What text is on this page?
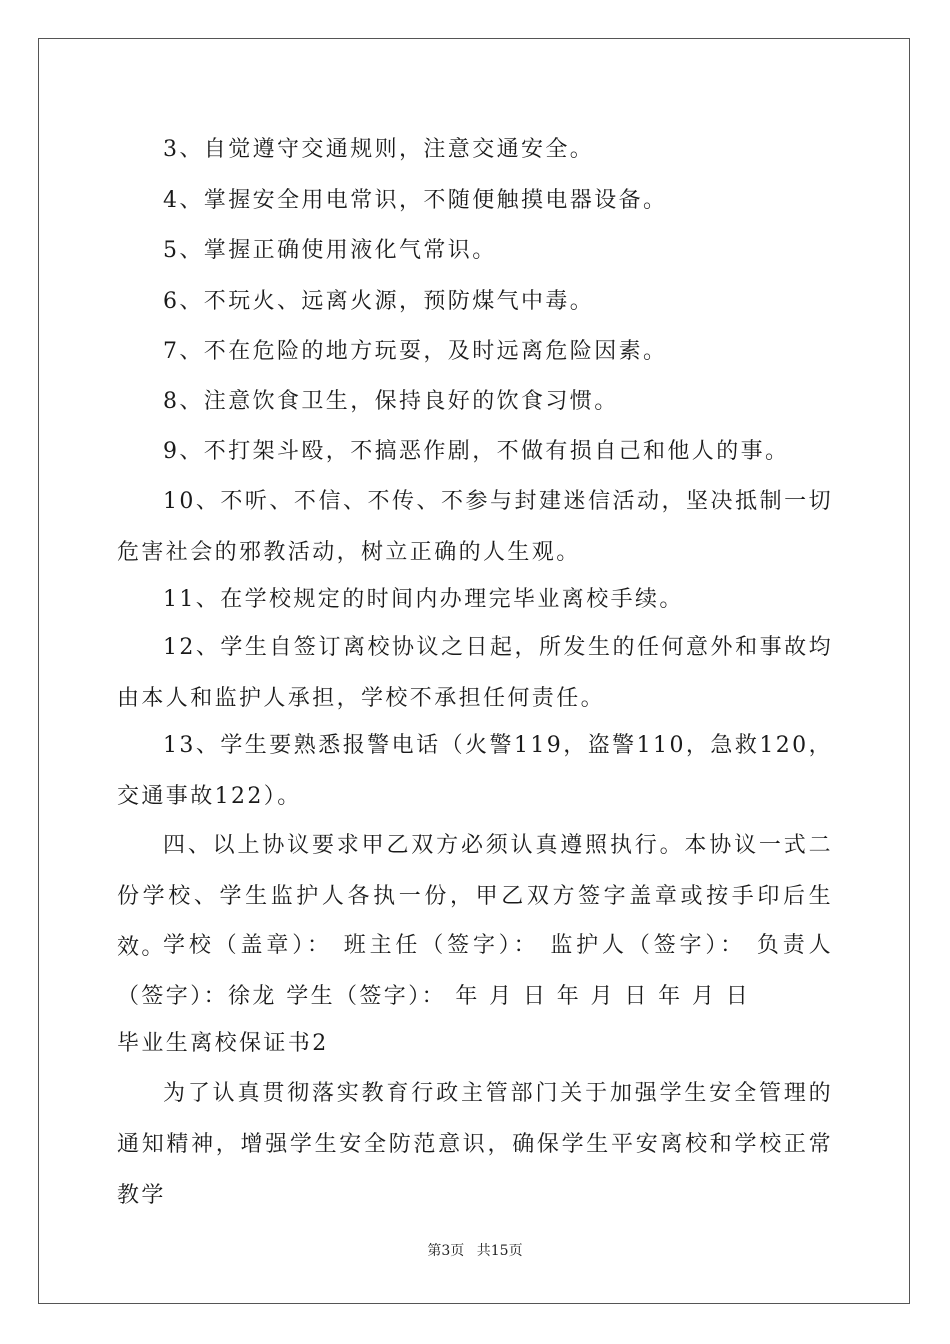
3、自觉遵守交通规则，注意交通安全。
4、掌握安全用电常识，不随便触摸电器设备。
5、掌握正确使用液化气常识。
6、不玩火、远离火源，预防煤气中毒。
7、不在危险的地方玩耍，及时远离危险因素。
8、注意饮食卫生，保持良好的饮食习惯。
9、不打架斗殴，不搞恶作剧，不做有损自己和他人的事。
10、不听、不信、不传、不参与封建迷信活动，坚决抵制一切危害社会的邪教活动，树立正确的人生观。
11、在学校规定的时间内办理完毕业离校手续。
12、学生自签订离校协议之日起，所发生的任何意外和事故均由本人和监护人承担，学校不承担任何责任。
13、学生要熟悉报警电话（火警119，盗警110，急救120，交通事故122）。
四、以上协议要求甲乙双方必须认真遵照执行。本协议一式二份学校、学生监护人各执一份，甲乙双方签字盖章或按手印后生效。
学校（盖章）： 班主任（签字）： 监护人（签字）： 负责人（签字）：徐龙 学生（签字）： 年 月 日 年 月 日 年 月 日
毕业生离校保证书2
为了认真贯彻落实教育行政主管部门关于加强学生安全管理的通知精神，增强学生安全防范意识，确保学生平安离校和学校正常教学
第3页 共15页
